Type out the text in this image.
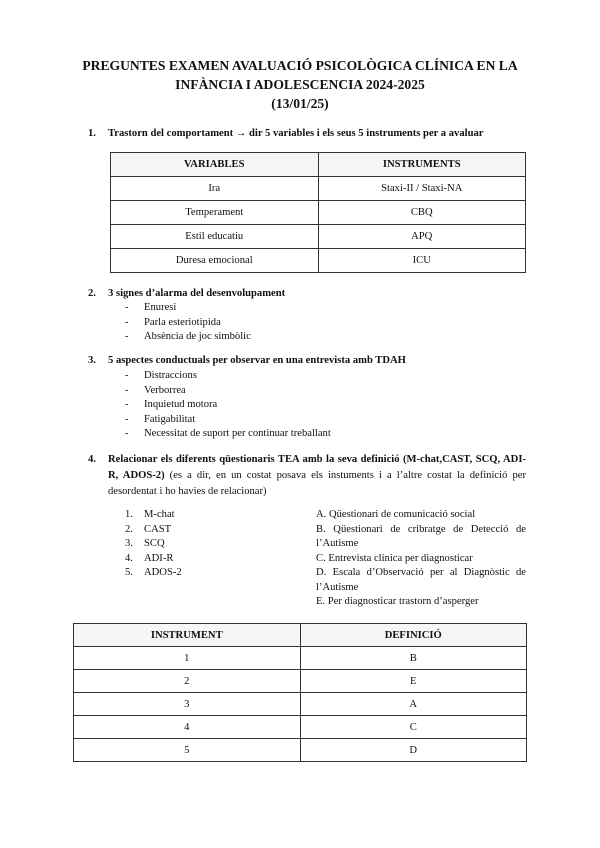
PREGUNTES EXAMEN AVALUACIÓ PSICOLÒGICA CLÍNICA EN LA
INFÀNCIA I ADOLESCENCIA 2024-2025
(13/01/25)
1. Trastorn del comportament → dir 5 variables i els seus 5 instruments per a avaluar
VARIABLES	INSTRUMENTS
Ira	Staxi-II / Staxi-NA
Temperament	CBQ
Estil educatiu	APQ
Duresa emocional	ICU
2. 3 signes d’alarma del desenvolupament
- Enuresi
- Parla esteriotipida
- Absència de joc simbòlic
3. 5 aspectes conductuals per observar en una entrevista amb TDAH
- Distraccions
- Verborrea
- Inquietud motora
- Fatigabilitat
- Necessitat de suport per continuar treballant
4. Relacionar els diferents qüestionaris TEA amb la seva definició (M-chat,CAST, SCQ, ADI-R, ADOS-2) (es a dir, en un costat posava els instuments i a l’altre costat la definició per desordentat i ho havies de relacionar)
1. M-chat
2. CAST
3. SCQ
4. ADI-R
5. ADOS-2
A. Qüestionari de comunicació social
B. Qüestionari de cribratge de Detecció de l’Autisme
C. Entrevista clínica per diagnosticar
D. Escala d’Observació per al Diagnòstic de l’Autisme
E. Per diagnosticar trastorn d’asperger
INSTRUMENT	DEFINICIÓ
1	B
2	E
3	A
4	C
5	D
